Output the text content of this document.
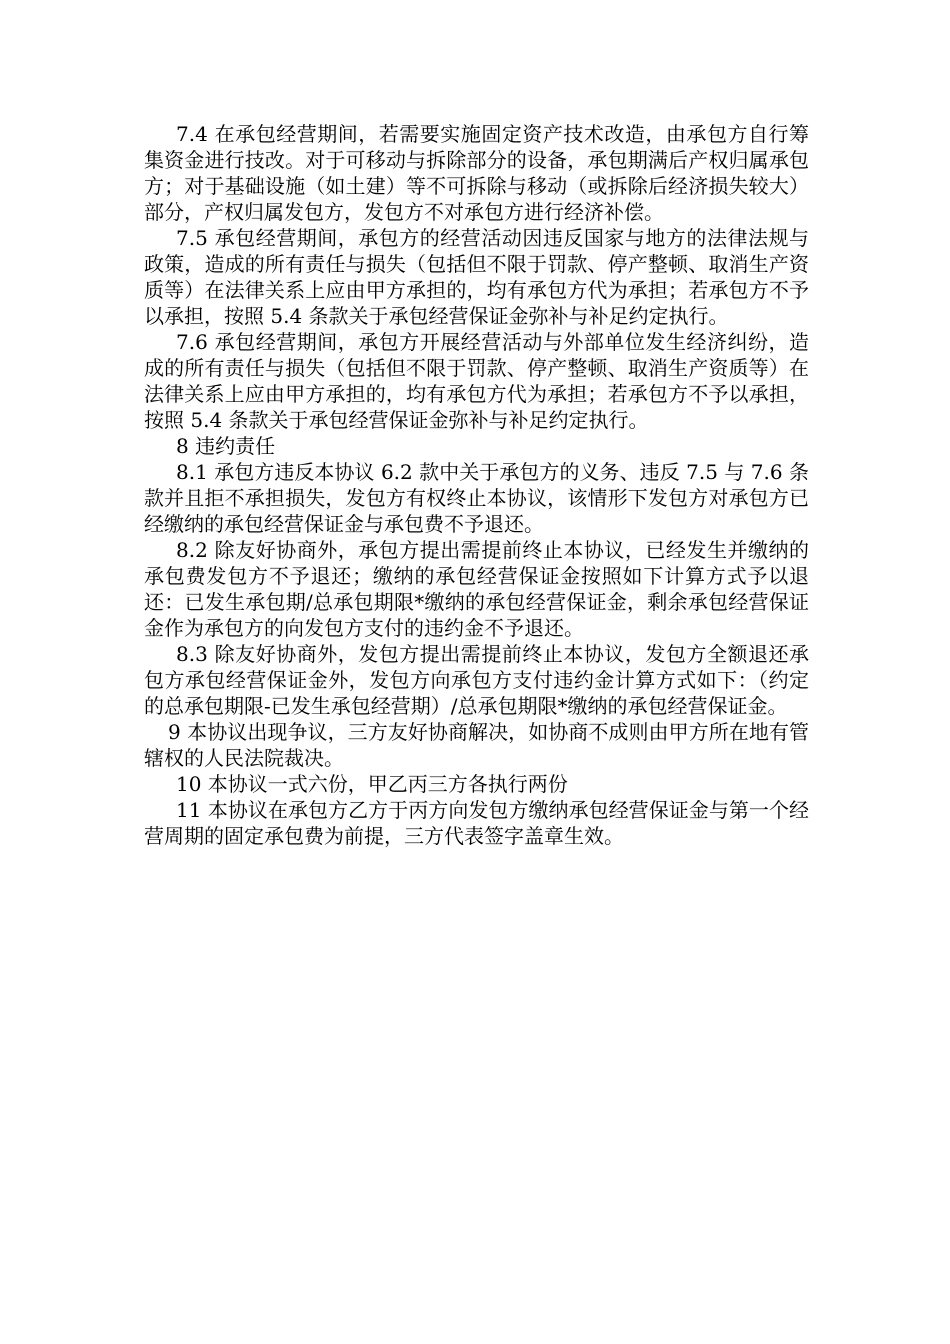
7.4 在承包经营期间，若需要实施固定资产技术改造，由承包方自行筹集资金进行技改。对于可移动与拆除部分的设备，承包期满后产权归属承包方；对于基础设施（如土建）等不可拆除与移动（或拆除后经济损失较大）部分，产权归属发包方，发包方不对承包方进行经济补偿。

7.5 承包经营期间，承包方的经营活动因违反国家与地方的法律法规与政策，造成的所有责任与损失（包括但不限于罚款、停产整顿、取消生产资质等）在法律关系上应由甲方承担的，均有承包方代为承担；若承包方不予以承担，按照 5.4 条款关于承包经营保证金弥补与补足约定执行。

7.6 承包经营期间，承包方开展经营活动与外部单位发生经济纠纷，造成的所有责任与损失（包括但不限于罚款、停产整顿、取消生产资质等）在法律关系上应由甲方承担的，均有承包方代为承担；若承包方不予以承担，按照 5.4 条款关于承包经营保证金弥补与补足约定执行。

8 违约责任

8.1 承包方违反本协议 6.2 款中关于承包方的义务、违反 7.5 与 7.6 条款并且拒不承担损失，发包方有权终止本协议，该情形下发包方对承包方已经缴纳的承包经营保证金与承包费不予退还。

8.2 除友好协商外，承包方提出需提前终止本协议，已经发生并缴纳的承包费发包方不予退还；缴纳的承包经营保证金按照如下计算方式予以退还：已发生承包期/总承包期限*缴纳的承包经营保证金，剩余承包经营保证金作为承包方的向发包方支付的违约金不予退还。

8.3 除友好协商外，发包方提出需提前终止本协议，发包方全额退还承包方承包经营保证金外，发包方向承包方支付违约金计算方式如下：（约定的总承包期限-已发生承包经营期）/总承包期限*缴纳的承包经营保证金。

9 本协议出现争议，三方友好协商解决，如协商不成则由甲方所在地有管辖权的人民法院裁决。

10 本协议一式六份，甲乙丙三方各执行两份

11 本协议在承包方乙方于丙方向发包方缴纳承包经营保证金与第一个经营周期的固定承包费为前提，三方代表签字盖章生效。
